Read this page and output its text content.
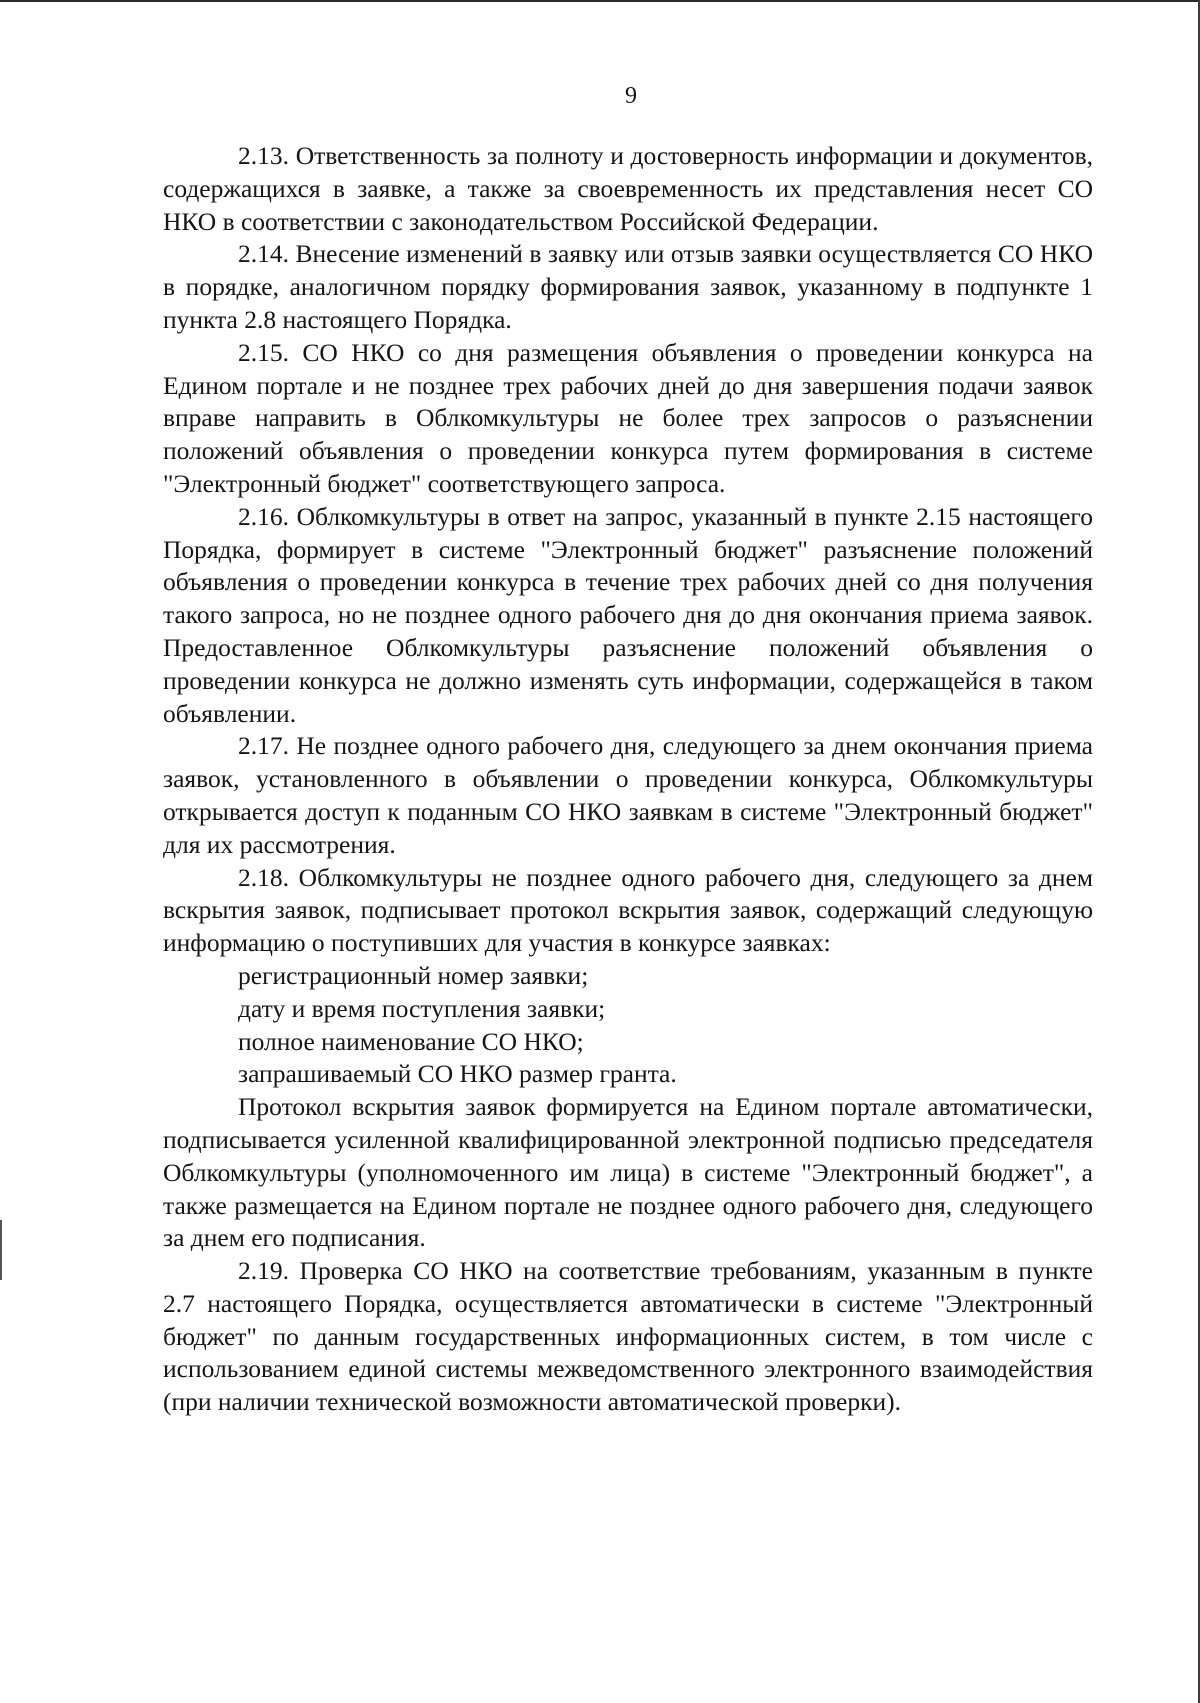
9

2.13. Ответственность за полноту и достоверность информации и документов, содержащихся в заявке, а также за своевременность их представления несет СО НКО в соответствии с законодательством Российской Федерации.

2.14. Внесение изменений в заявку или отзыв заявки осуществляется СО НКО в порядке, аналогичном порядку формирования заявок, указанному в подпункте 1 пункта 2.8 настоящего Порядка.

2.15. СО НКО со дня размещения объявления о проведении конкурса на Едином портале и не позднее трех рабочих дней до дня завершения подачи заявок вправе направить в Облкомкультуры не более трех запросов о разъяснении положений объявления о проведении конкурса путем формирования в системе "Электронный бюджет" соответствующего запроса.

2.16. Облкомкультуры в ответ на запрос, указанный в пункте 2.15 настоящего Порядка, формирует в системе "Электронный бюджет" разъяснение положений объявления о проведении конкурса в течение трех рабочих дней со дня получения такого запроса, но не позднее одного рабочего дня до дня окончания приема заявок. Предоставленное Облкомкультуры разъяснение положений объявления о проведении конкурса не должно изменять суть информации, содержащейся в таком объявлении.

2.17. Не позднее одного рабочего дня, следующего за днем окончания приема заявок, установленного в объявлении о проведении конкурса, Облкомкультуры открывается доступ к поданным СО НКО заявкам в системе "Электронный бюджет" для их рассмотрения.

2.18. Облкомкультуры не позднее одного рабочего дня, следующего за днем вскрытия заявок, подписывает протокол вскрытия заявок, содержащий следующую информацию о поступивших для участия в конкурсе заявках:

регистрационный номер заявки;

дату и время поступления заявки;

полное наименование СО НКО;

запрашиваемый СО НКО размер гранта.

Протокол вскрытия заявок формируется на Едином портале автоматически, подписывается усиленной квалифицированной электронной подписью председателя Облкомкультуры (уполномоченного им лица) в системе "Электронный бюджет", а также размещается на Едином портале не позднее одного рабочего дня, следующего за днем его подписания.

2.19. Проверка СО НКО на соответствие требованиям, указанным в пункте 2.7 настоящего Порядка, осуществляется автоматически в системе "Электронный бюджет" по данным государственных информационных систем, в том числе с использованием единой системы межведомственного электронного взаимодействия (при наличии технической возможности автоматической проверки).
